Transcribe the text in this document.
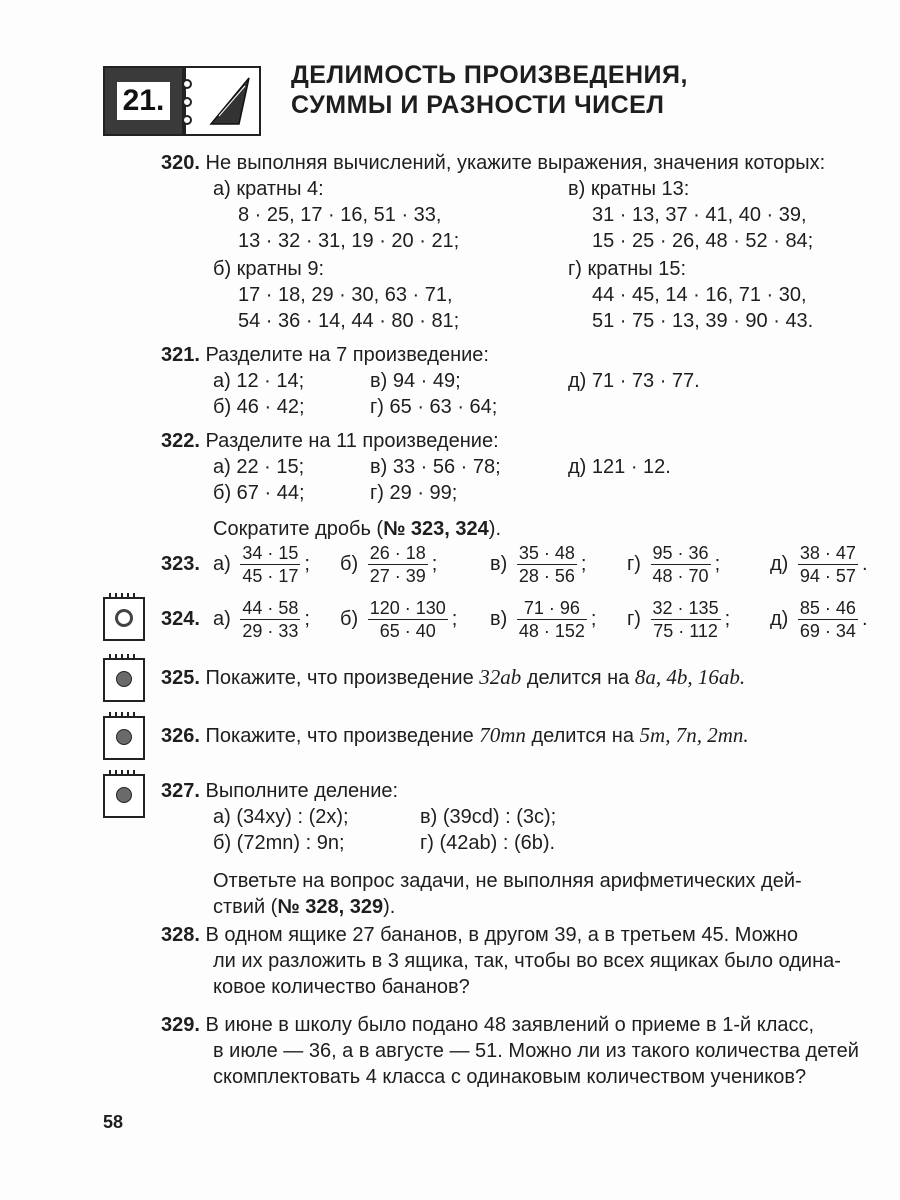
21.
ДЕЛИМОСТЬ ПРОИЗВЕДЕНИЯ,
СУММЫ И РАЗНОСТИ ЧИСЕЛ
320. Не выполняя вычислений, укажите выражения, значения которых:
а) кратны 4:
8 · 25, 17 · 16, 51 · 33,
13 · 32 · 31, 19 · 20 · 21;
б) кратны 9:
17 · 18, 29 · 30, 63 · 71,
54 · 36 · 14, 44 · 80 · 81;
в) кратны 13:
31 · 13, 37 · 41, 40 · 39,
15 · 25 · 26, 48 · 52 · 84;
г) кратны 15:
44 · 45, 14 · 16, 71 · 30,
51 · 75 · 13, 39 · 90 · 43.
321. Разделите на 7 произведение:
а) 12 · 14;	в) 94 · 49;	д) 71 · 73 · 77.
б) 46 · 42;	г) 65 · 63 · 64;
322. Разделите на 11 произведение:
а) 22 · 15;	в) 33 · 56 · 78;	д) 121 · 12.
б) 67 · 44;	г) 29 · 99;
Сократите дробь (№ 323, 324).
323. $а) \frac{34 \cdot 15}{45 \cdot 17}$ ; $б) \frac{26 \cdot 18}{27 \cdot 39}$ ;	$в) \frac{35 \cdot 48}{28 \cdot 56}$ ; $г) \frac{95 \cdot 36}{48 \cdot 70}$ ; $д) \frac{38 \cdot 47}{94 \cdot 57}$ .
324. $а) \frac{44 \cdot 58}{29 \cdot 33}$ ; $б) \frac{120 \cdot 130}{65 \cdot 40}$ ; $в) \frac{71 \cdot 96}{48 \cdot 152}$ ; $г) \frac{32 \cdot 135}{75 \cdot 112}$ ; $д) \frac{85 \cdot 46}{69 \cdot 34}$ .
325. Покажите, что произведение 32ab делится на 8a, 4b, 16ab.
326. Покажите, что произведение 70mn делится на 5m, 7n, 2mn.
327. Выполните деление:
а) (34xy) : (2x);	в) (39cd) : (3c);
б) (72mn) : 9n;	г) (42ab) : (6b).
Ответьте на вопрос задачи, не выполняя арифметических дей-
ствий (№ 328, 329).
328. В одном ящике 27 бананов, в другом 39, а в третьем 45. Можно
ли их разложить в 3 ящика, так, чтобы во всех ящиках было одина-
ковое количество бананов?
329. В июне в школу было подано 48 заявлений о приеме в 1-й класс,
в июле — 36, а в августе — 51. Можно ли из такого количества детей
скомплектовать 4 класса с одинаковым количеством учеников?
58
